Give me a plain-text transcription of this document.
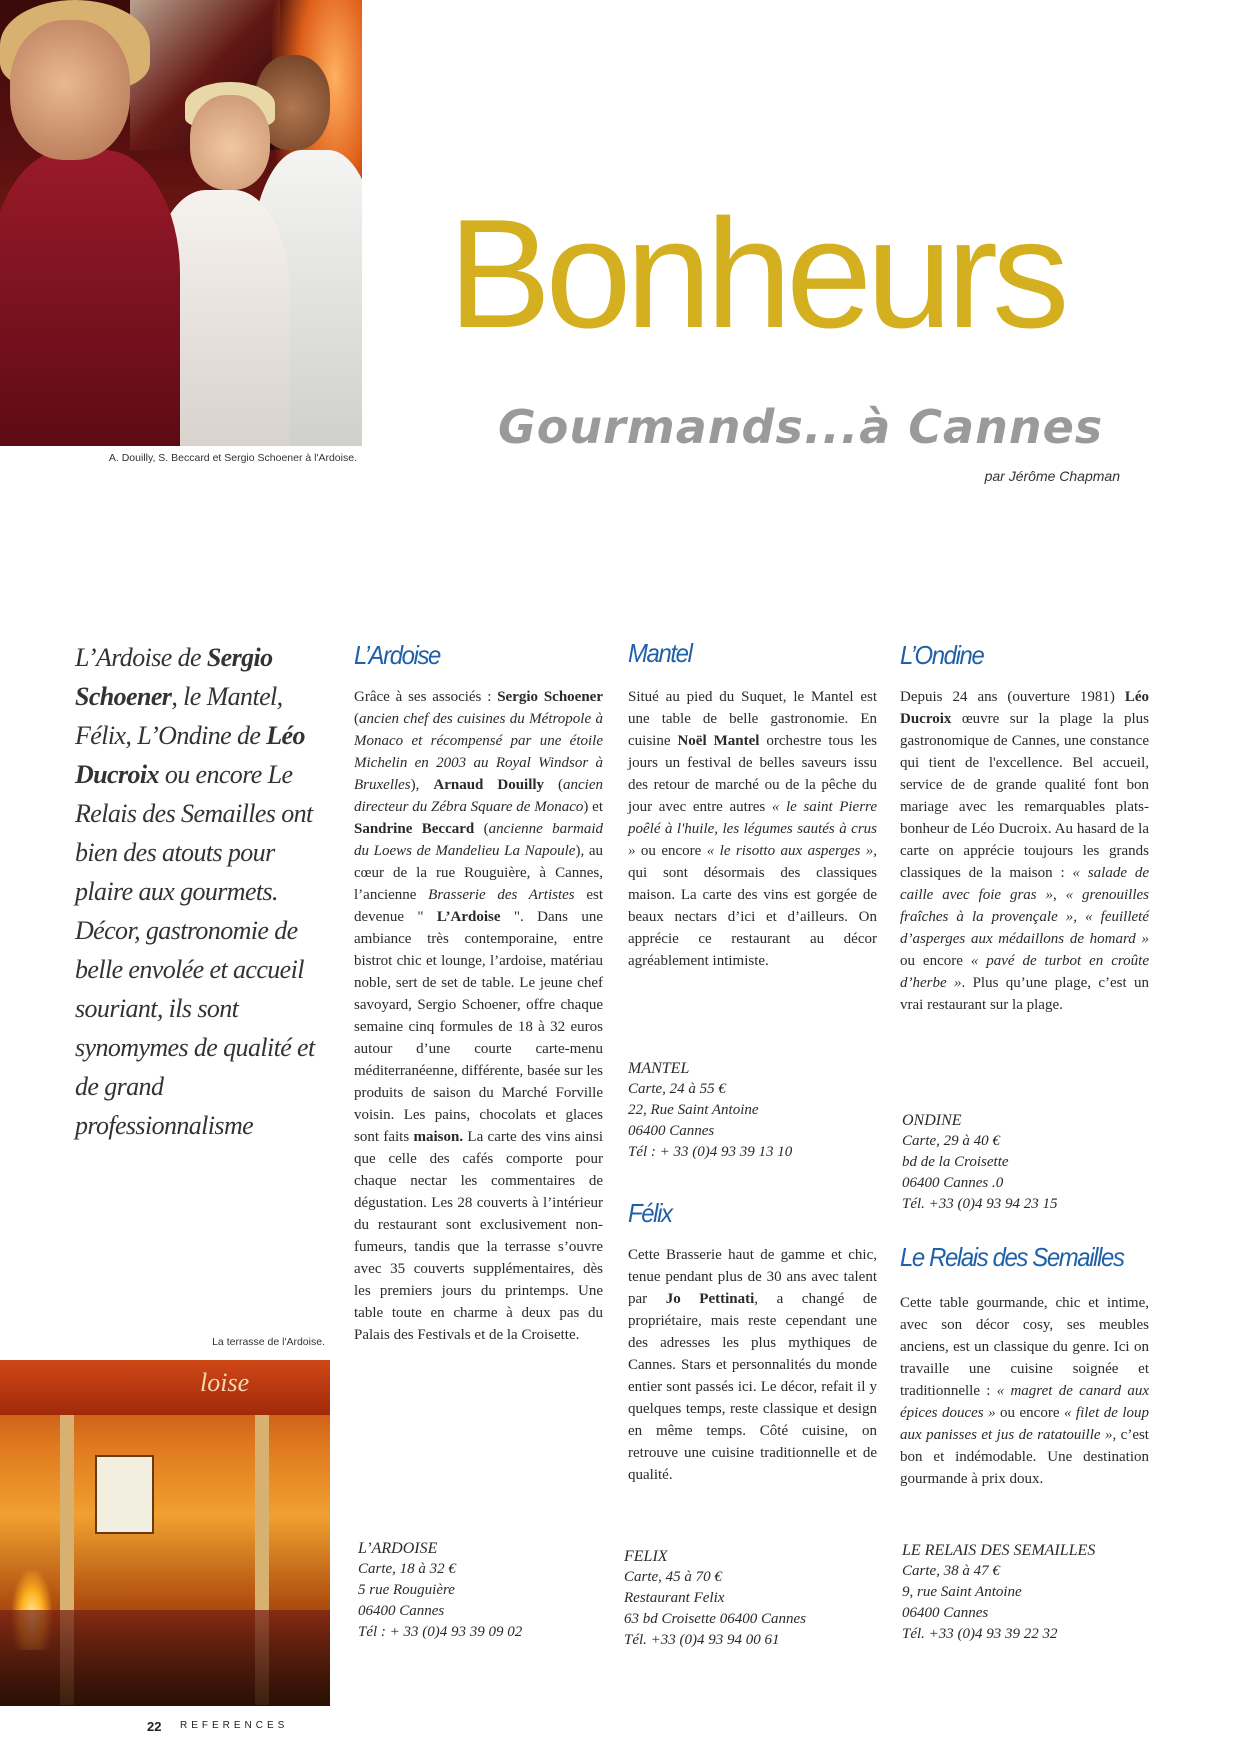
A. Douilly, S. Beccard et Sergio Schoener à l'Ardoise.
Bonheurs
Gourmands...à Cannes
par Jérôme Chapman
L’Ardoise de Sergio Schoener, le Mantel, Félix, L’Ondine de Léo Ducroix ou encore Le Relais des Semailles ont bien des atouts pour plaire aux gourmets. Décor, gastronomie de belle envolée et accueil souriant, ils sont synomymes de qualité et de grand professionnalisme
L’Ardoise
Grâce à ses associés : Sergio Schoener (ancien chef des cuisines du Métropole à Monaco et récompensé par une étoile Michelin en 2003 au Royal Windsor à Bruxelles), Arnaud Douilly (ancien directeur du Zébra Square de Monaco) et Sandrine Beccard (ancienne barmaid du Loews de Mandelieu La Napoule), au cœur de la rue Rouguière, à Cannes, l’ancienne Brasserie des Artistes est devenue " L’Ardoise ". Dans une ambiance très contemporaine, entre bistrot chic et lounge, l’ardoise, matériau noble, sert de set de table. Le jeune chef savoyard, Sergio Schoener, offre chaque semaine cinq formules de 18 à 32 euros autour d’une courte carte-menu méditerranéenne, différente, basée sur les produits de saison du Marché Forville voisin. Les pains, chocolats et glaces sont faits maison. La carte des vins ainsi que celle des cafés comporte pour chaque nectar les commentaires de dégustation. Les 28 couverts à l’intérieur du restaurant sont exclusivement non-fumeurs, tandis que la terrasse s’ouvre avec 35 couverts supplémentaires, dès les premiers jours du printemps. Une table toute en charme à deux pas du Palais des Festivals et de la Croisette.
L’ARDOISE
Carte, 18 à 32 €
5 rue Rouguière
06400 Cannes
Tél : + 33 (0)4 93 39 09 02
Mantel
Situé au pied du Suquet, le Mantel est une table de belle gastronomie. En cuisine Noël Mantel orchestre tous les jours un festival de belles saveurs issu des retour de marché ou de la pêche du jour avec entre autres « le saint Pierre poêlé à l'huile, les légumes sautés à crus » ou encore « le risotto aux asperges », qui sont désormais des classiques maison. La carte des vins est gorgée de beaux nectars d’ici et d’ailleurs. On apprécie ce restaurant au décor agréablement intimiste.
MANTEL
Carte, 24 à 55 €
22, Rue Saint Antoine
06400 Cannes
Tél : + 33 (0)4 93 39 13 10
Félix
Cette Brasserie haut de gamme et chic, tenue pendant plus de 30 ans avec talent par Jo Pettinati, a changé de propriétaire, mais reste cependant une des adresses les plus mythiques de Cannes. Stars et personnalités du monde entier sont passés ici. Le décor, refait il y quelques temps, reste classique et design en même temps. Côté cuisine, on retrouve une cuisine traditionnelle et de qualité.
FELIX
Carte, 45 à 70 €
Restaurant Felix
63 bd Croisette 06400 Cannes
Tél. +33 (0)4 93 94 00 61
L’Ondine
Depuis 24 ans (ouverture 1981) Léo Ducroix œuvre sur la plage la plus gastronomique de Cannes, une constance qui tient de l'excellence. Bel accueil, service de de grande qualité font bon mariage avec les remarquables plats-bonheur de Léo Ducroix. Au hasard de la carte on apprécie toujours les grands classiques de la maison : « salade de caille avec foie gras », « grenouilles fraîches à la provençale », « feuilleté d’asperges aux médaillons de homard » ou encore « pavé de turbot en croûte d’herbe ». Plus qu’une plage, c’est un vrai restaurant sur la plage.
ONDINE
Carte, 29 à 40 €
bd de la Croisette
06400 Cannes .0
Tél. +33 (0)4 93 94 23 15
Le Relais des Semailles
Cette table gourmande, chic et intime, avec son décor cosy, ses meubles anciens, est un classique du genre. Ici on travaille une cuisine soignée et traditionnelle : « magret de canard aux épices douces » ou encore « filet de loup aux panisses et jus de ratatouille », c’est bon et indémodable. Une destination gourmande à prix doux.
LE RELAIS DES SEMAILLES
Carte, 38 à 47 €
9, rue Saint Antoine
06400 Cannes
Tél. +33 (0)4 93 39 22 32
La terrasse de l'Ardoise.
loise
22 REFERENCES
